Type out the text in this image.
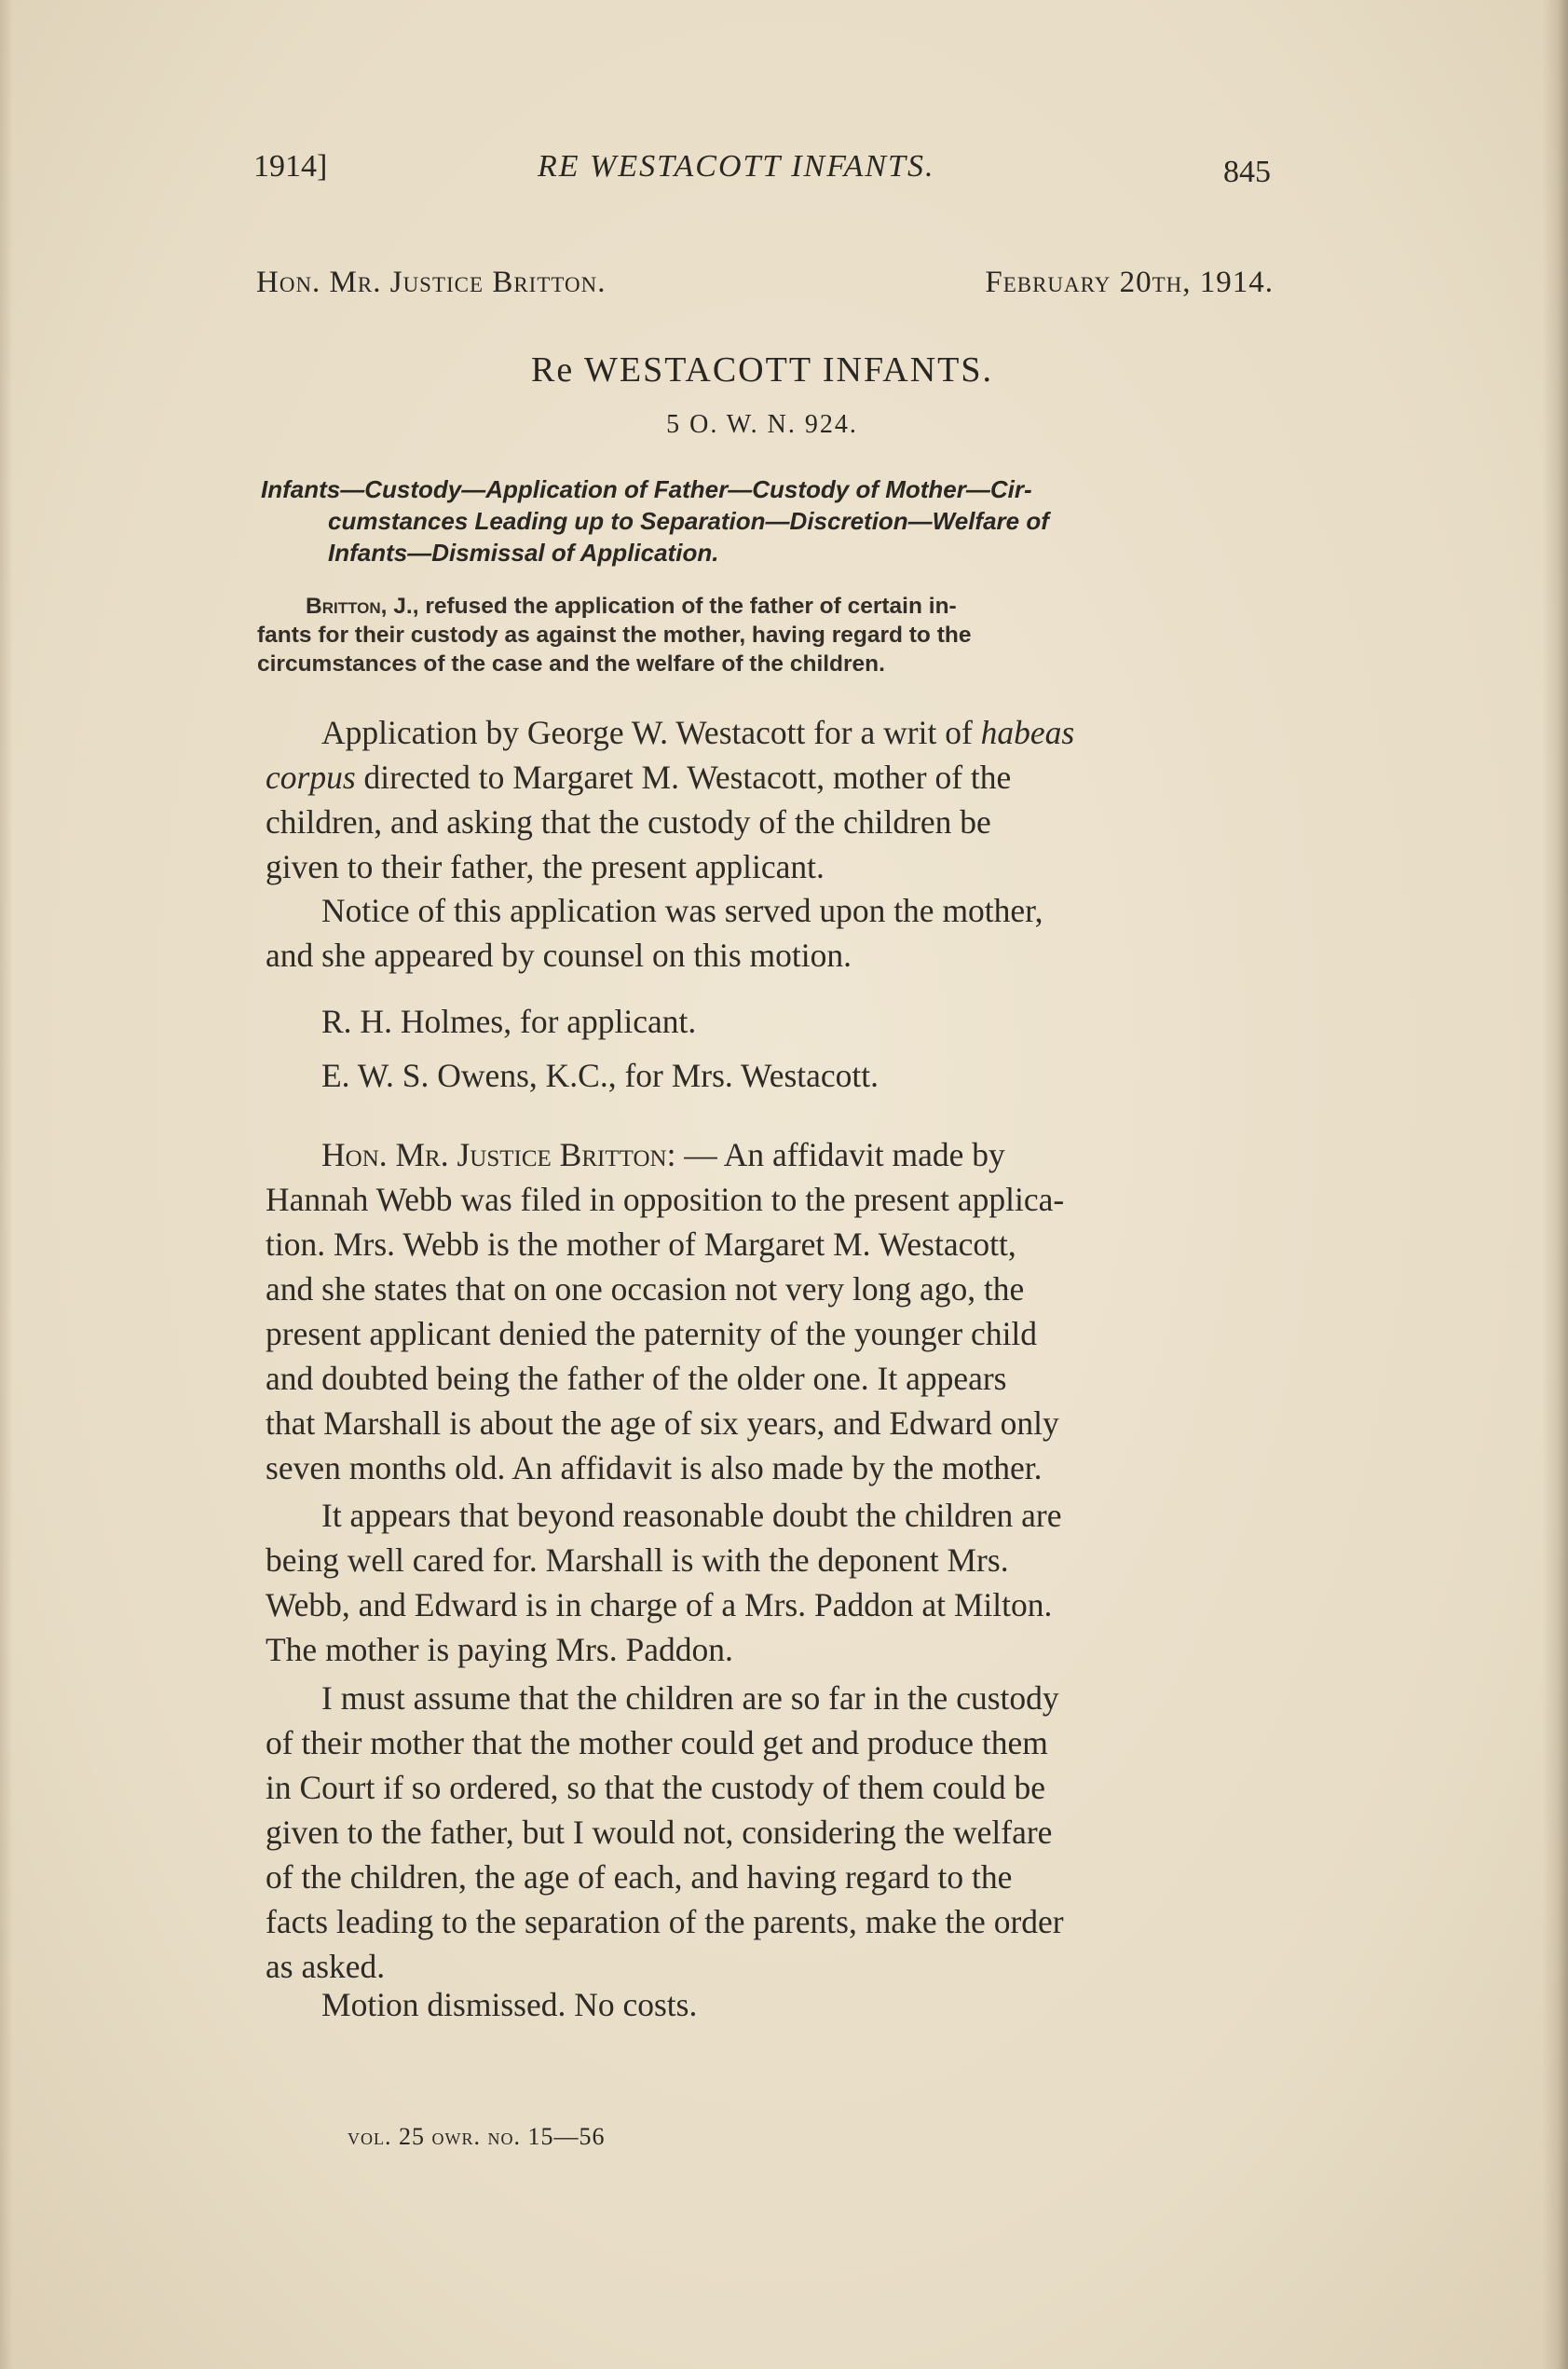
1914]	RE WESTACOTT INFANTS.	845
Hon. Mr. Justice Britton.	February 20th, 1914.
Re WESTACOTT INFANTS.
5 O. W. N. 924.
Infants—Custody—Application of Father—Custody of Mother—Cir-
cumstances Leading up to Separation—Discretion—Welfare of
Infants—Dismissal of Application.
Britton, J., refused the application of the father of certain in-
fants for their custody as against the mother, having regard to the
circumstances of the case and the welfare of the children.
Application by George W. Westacott for a writ of habeas
corpus directed to Margaret M. Westacott, mother of the
children, and asking that the custody of the children be
given to their father, the present applicant.
Notice of this application was served upon the mother,
and she appeared by counsel on this motion.
R. H. Holmes, for applicant.
E. W. S. Owens, K.C., for Mrs. Westacott.
Hon. Mr. Justice Britton: — An affidavit made by
Hannah Webb was filed in opposition to the present applica-
tion. Mrs. Webb is the mother of Margaret M. Westacott,
and she states that on one occasion not very long ago, the
present applicant denied the paternity of the younger child
and doubted being the father of the older one. It appears
that Marshall is about the age of six years, and Edward only
seven months old. An affidavit is also made by the mother.
It appears that beyond reasonable doubt the children are
being well cared for. Marshall is with the deponent Mrs.
Webb, and Edward is in charge of a Mrs. Paddon at Milton.
The mother is paying Mrs. Paddon.
I must assume that the children are so far in the custody
of their mother that the mother could get and produce them
in Court if so ordered, so that the custody of them could be
given to the father, but I would not, considering the welfare
of the children, the age of each, and having regard to the
facts leading to the separation of the parents, make the order
as asked.
Motion dismissed. No costs.
vol. 25 owr. no. 15—56
